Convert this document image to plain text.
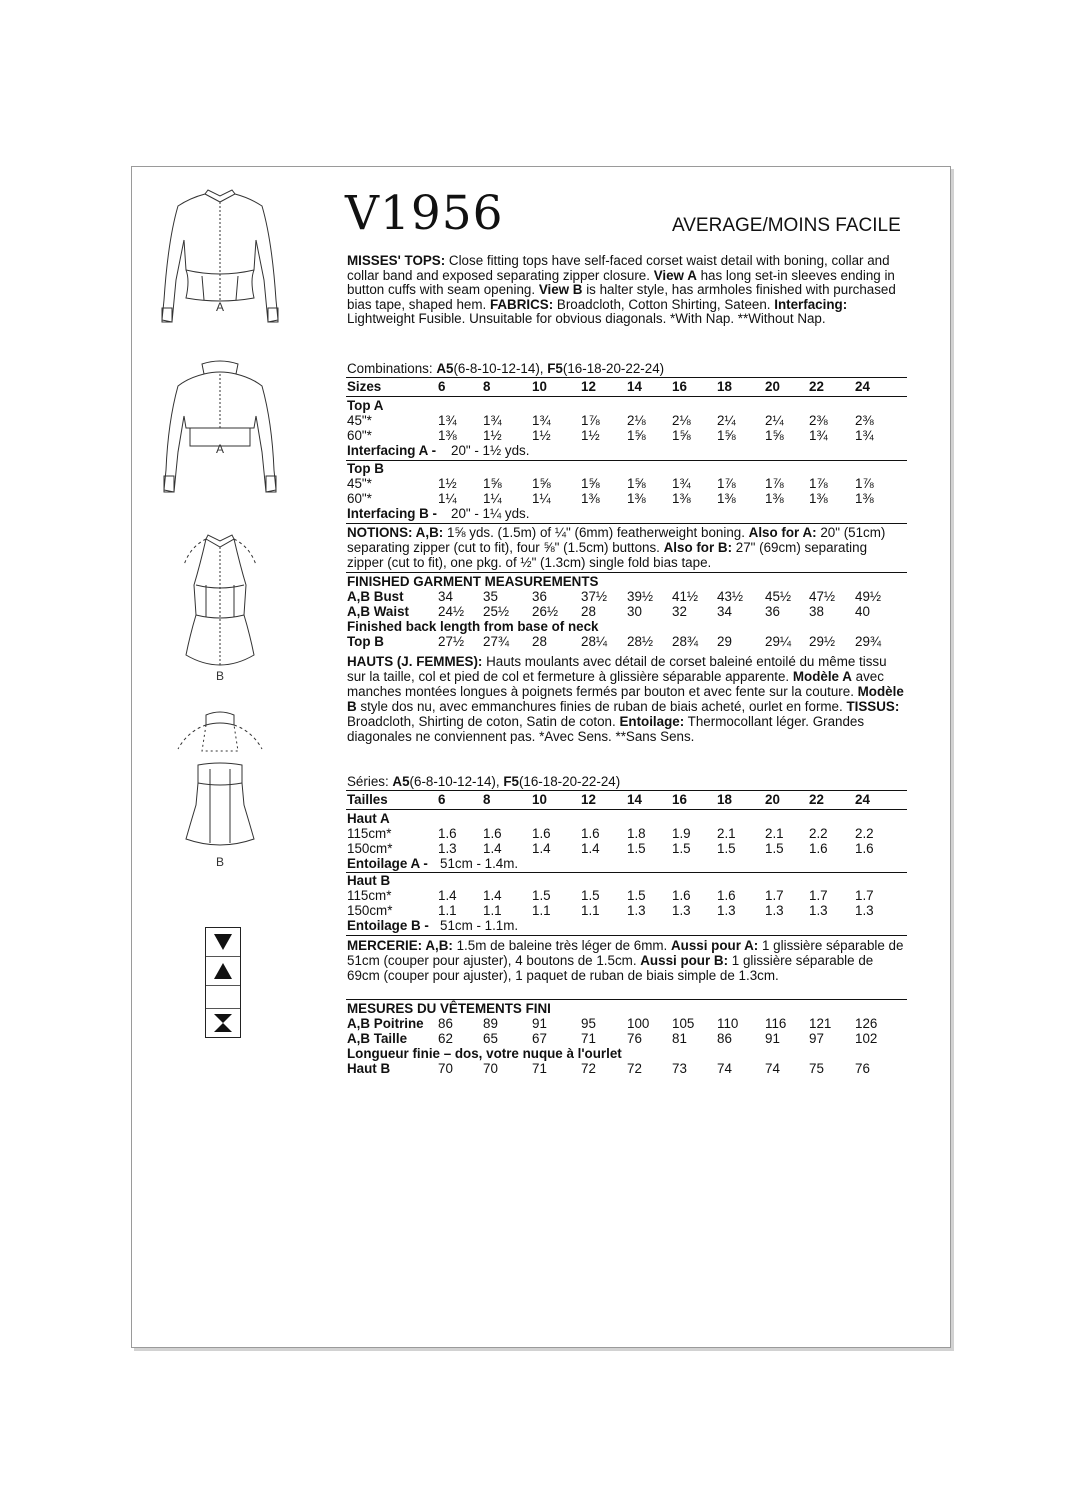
A
A
B
B
V1956	AVERAGE/MOINS FACILE
MISSES' TOPS: Close fitting tops have self-faced corset waist detail with boning, collar and collar band and exposed separating zipper closure. View A has long set-in sleeves ending in button cuffs with seam opening. View B is halter style, has armholes finished with purchased bias tape, shaped hem. FABRICS: Broadcloth, Cotton Shirting, Sateen. Interfacing: Lightweight Fusible. Unsuitable for obvious diagonals. *With Nap. **Without Nap.
Combinations: A5(6-8-10-12-14), F5(16-18-20-22-24)
NOTIONS: A,B: 1⅝ yds. (1.5m) of ¼" (6mm) featherweight boning. Also for A: 20" (51cm) separating zipper (cut to fit), four ⅝" (1.5cm) buttons. Also for B: 27" (69cm) separating zipper (cut to fit), one pkg. of ½" (1.3cm) single fold bias tape.
HAUTS (J. FEMMES): Hauts moulants avec détail de corset baleiné entoilé du même tissu sur la taille, col et pied de col et fermeture à glissière séparable apparente. Modèle A avec manches montées longues à poignets fermés par bouton et avec fente sur la couture. Modèle B style dos nu, avec emmanchures finies de ruban de biais acheté, ourlet en forme. TISSUS: Broadcloth, Shirting de coton, Satin de coton. Entoilage: Thermocollant léger. Grandes diagonales ne conviennent pas. *Avec Sens. **Sans Sens.
Séries: A5(6-8-10-12-14), F5(16-18-20-22-24)
MERCERIE: A,B: 1.5m de baleine très léger de 6mm. Aussi pour A: 1 glissière séparable de 51cm (couper pour ajuster), 4 boutons de 1.5cm. Aussi pour B: 1 glissière séparable de 69cm (couper pour ajuster), 1 paquet de ruban de biais simple de 1.3cm.
Sizes	6	8	10	12 14 16 18 20 22 24
Top A
45"*	1¾ 1¾ 1¾ 1⅞ 2⅛ 2⅛ 2¼ 2¼ 2⅜ 2⅜
60"*	1⅜ 1½ 1½ 1½ 1⅝ 1⅝ 1⅝ 1⅝ 1¾ 1¾
Interfacing A - 20" - 1½ yds.
Top B
45"*	1½ 1⅝ 1⅝ 1⅝ 1⅝ 1¾ 1⅞ 1⅞ 1⅞ 1⅞
60"*	1¼ 1¼ 1¼ 1⅜ 1⅜ 1⅜ 1⅜ 1⅜ 1⅜ 1⅜
Interfacing B - 20" - 1¼ yds.
FINISHED GARMENT MEASUREMENTS
A,B Bust	34 35	36	37½ 39½ 41½ 43½ 45½ 47½ 49½
A,B Waist 24½ 25½ 26½ 28 30 32 34 36 38 40
Finished back length from base of neck
Top B	27½ 27¾ 28	28¼ 28½ 28¾ 29 29¼ 29½ 29¾
Tailles	6	8	10	12 14 16 18 20 22 24
Haut A
115cm*	1.6 1.6 1.6 1.6 1.8 1.9 2.1 2.1 2.2 2.2
150cm*	1.3 1.4 1.4 1.4 1.5 1.5 1.5 1.5 1.6 1.6
Entoilage A - 51cm - 1.4m.
Haut B
115cm*	1.4 1.4 1.5 1.5 1.5 1.6 1.6 1.7 1.7 1.7
150cm*	1.1 1.1 1.1 1.1 1.3 1.3 1.3 1.3 1.3 1.3
Entoilage B - 51cm - 1.1m.
MESURES DU VÊTEMENTS FINI
A,B Poitrine 86 89	91	95 100 105 110 116 121 126
A,B Taille 62 65	67	71 76 81 86 91 97 102
Longueur finie – dos, votre nuque à l'ourlet
Haut B	70 70	71	72 72 73 74 74 75 76
